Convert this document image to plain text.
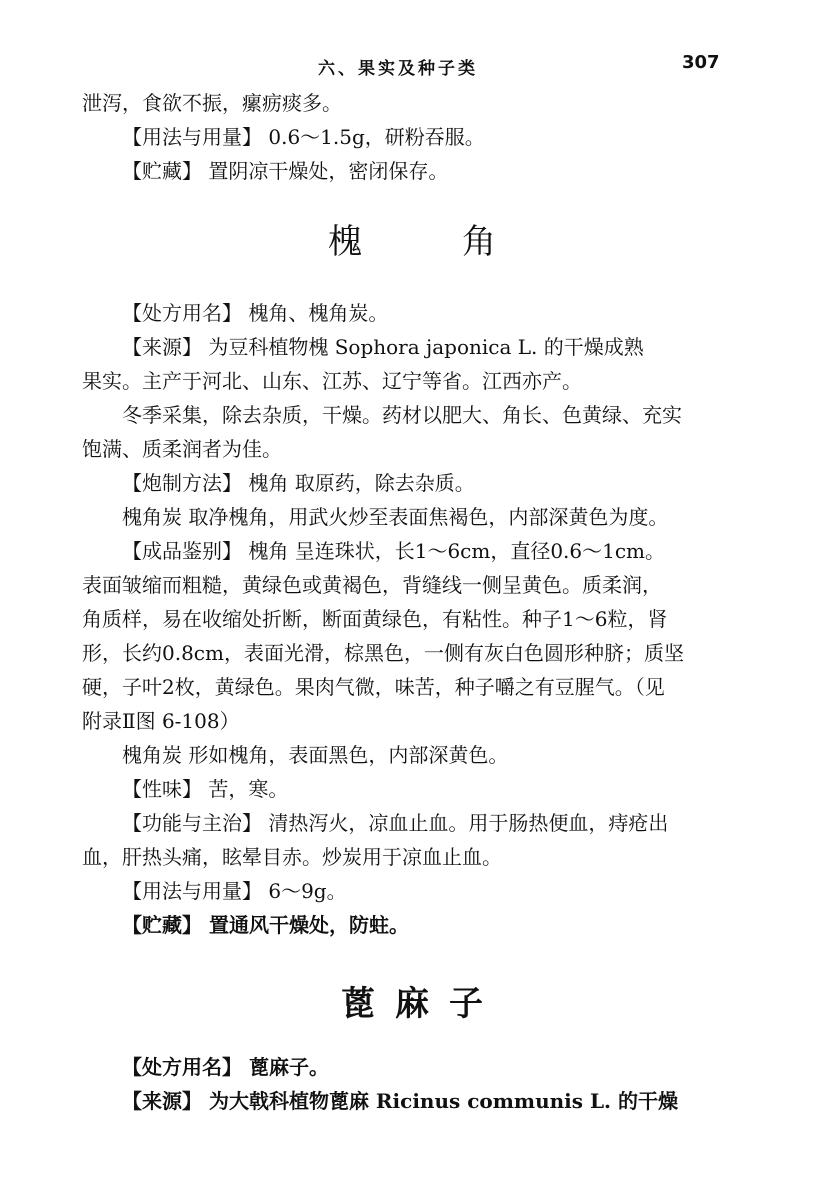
六、果实及种子类	307

泄泻，食欲不振，瘰疬痰多。

【用法与用量】 0.6～1.5g，研粉吞服。

【贮藏】 置阴凉干燥处，密闭保存。

槐	角

【处方用名】 槐角、槐角炭。

【来源】 为豆科植物槐 Sophora japonica L. 的干燥成熟

果实。主产于河北、山东、江苏、辽宁等省。江西亦产。

冬季采集，除去杂质，干燥。药材以肥大、角长、色黄绿、充实

饱满、质柔润者为佳。

【炮制方法】 槐角 取原药，除去杂质。

槐角炭 取净槐角，用武火炒至表面焦褐色，内部深黄色为度。

【成品鉴别】 槐角 呈连珠状，长1～6cm，直径0.6～1cm。

表面皱缩而粗糙，黄绿色或黄褐色，背缝线一侧呈黄色。质柔润，

角质样，易在收缩处折断，断面黄绿色，有粘性。种子1～6粒，肾

形，长约0.8cm，表面光滑，棕黑色，一侧有灰白色圆形种脐；质坚

硬，子叶2枚，黄绿色。果肉气微，味苦，种子嚼之有豆腥气。（见

附录Ⅱ图 6-108）

槐角炭 形如槐角，表面黑色，内部深黄色。

【性味】 苦，寒。

【功能与主治】 清热泻火，凉血止血。用于肠热便血，痔疮出

血，肝热头痛，眩晕目赤。炒炭用于凉血止血。

【用法与用量】 6～9g。

【贮藏】 置通风干燥处，防蛀。

蓖 麻 子

【处方用名】 蓖麻子。

【来源】 为大戟科植物蓖麻 Ricinus communis L. 的干燥
